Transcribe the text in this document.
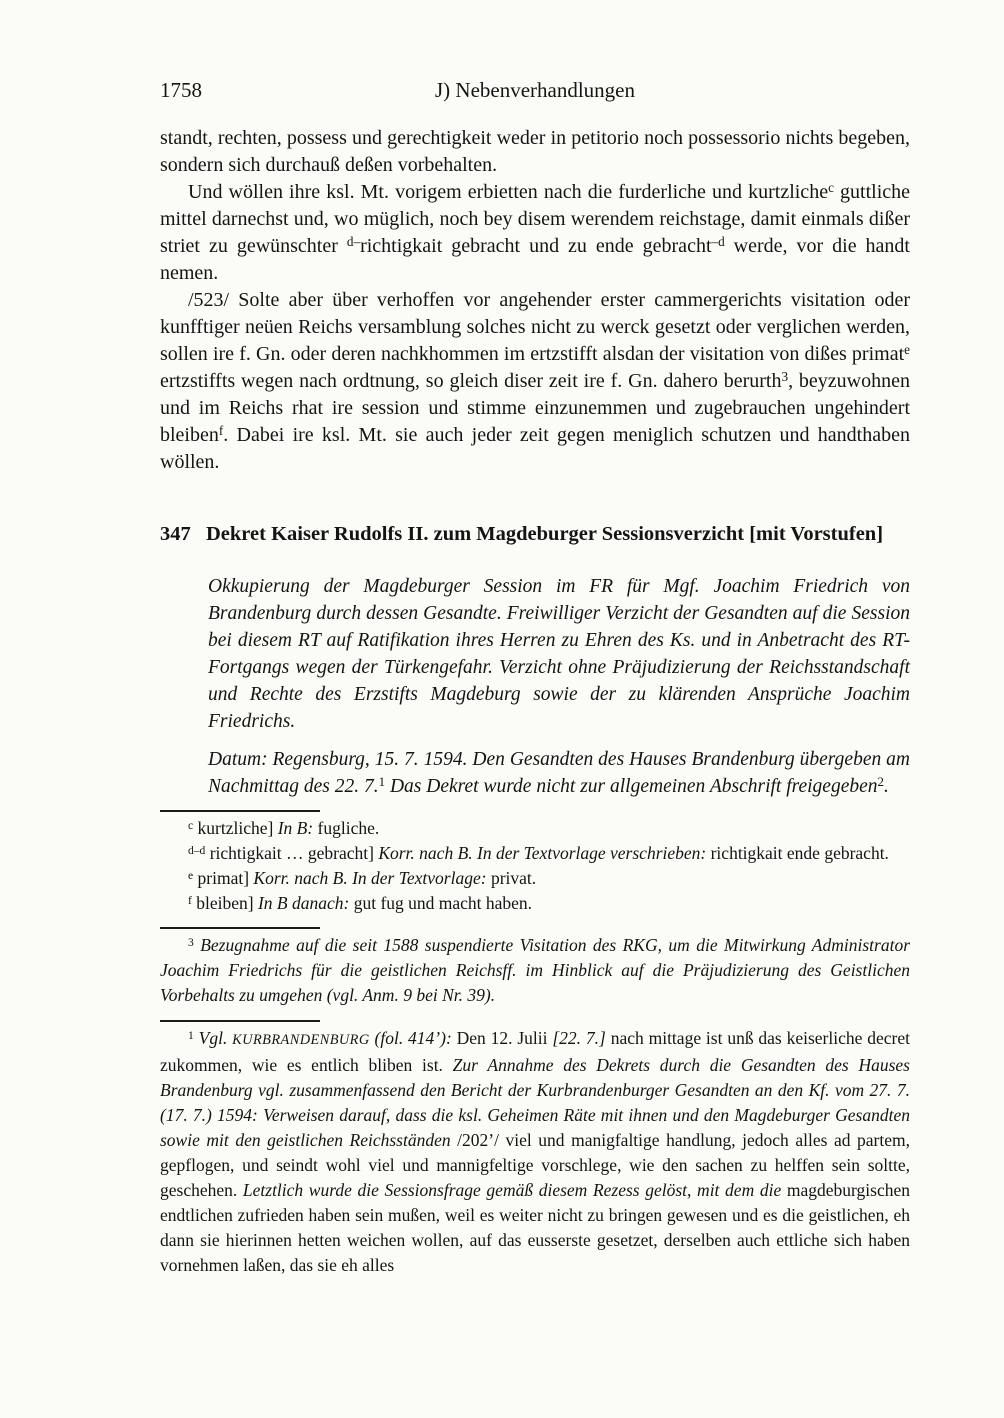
1758	J) Nebenverhandlungen

standt, rechten, possess und gerechtigkeit weder in petitorio noch possessorio nichts begeben, sondern sich durchauß deßen vorbehalten.

Und wöllen ihre ksl. Mt. vorigem erbietten nach die furderliche und kurtzliche$^c$ guttliche mittel darnechst und, wo müglich, noch bey disem werendem reichstage, damit einmals dißer striet zu gewünschter $^{d-}$richtigkait gebracht und zu ende gebracht$^{-d}$ werde, vor die handt nemen.

/523/ Solte aber über verhoffen vor angehender erster cammergerichts visitation oder kunfftiger neüen Reichs versamblung solches nicht zu werck gesetzt oder verglichen werden, sollen ire f. Gn. oder deren nachkhommen im ertzstifft alsdan der visitation von dißes primat$^e$ ertzstiffts wegen nach ordtnung, so gleich diser zeit ire f. Gn. dahero berurth$^3$, beyzuwohnen und im Reichs rhat ire session und stimme einzunemmen und zugebrauchen ungehindert bleiben$^f$. Dabei ire ksl. Mt. sie auch jeder zeit gegen meniglich schutzen und handthaben wöllen.

347 Dekret Kaiser Rudolfs II. zum Magdeburger Sessionsverzicht [mit Vorstufen]
Okkupierung der Magdeburger Session im FR für Mgf. Joachim Friedrich von Brandenburg durch dessen Gesandte. Freiwilliger Verzicht der Gesandten auf die Session bei diesem RT auf Ratifikation ihres Herren zu Ehren des Ks. und in Anbetracht des RT-Fortgangs wegen der Türkengefahr. Verzicht ohne Präjudizierung der Reichsstandschaft und Rechte des Erzstifts Magdeburg sowie der zu klärenden Ansprüche Joachim Friedrichs.
Datum: Regensburg, 15. 7. 1594. Den Gesandten des Hauses Brandenburg übergeben am Nachmittag des 22. 7.$^1$ Das Dekret wurde nicht zur allgemeinen Abschrift freigegeben$^2$.

$^c$ kurtzliche] In B: fugliche.

$^{d-d}$ richtigkait … gebracht] Korr. nach B. In der Textvorlage verschrieben: richtigkait ende gebracht.

$^e$ primat] Korr. nach B. In der Textvorlage: privat.

$^f$ bleiben] In B danach: gut fug und macht haben.

$^3$ Bezugnahme auf die seit 1588 suspendierte Visitation des RKG, um die Mitwirkung Administrator Joachim Friedrichs für die geistlichen Reichsff. im Hinblick auf die Präjudizierung des Geistlichen Vorbehalts zu umgehen (vgl. Anm. 9 bei Nr. 39).

$^1$ Vgl. KURBRANDENBURG (fol. 414’): Den 12. Julii [22. 7.] nach mittage ist unß das keiserliche decret zukommen, wie es entlich bliben ist. Zur Annahme des Dekrets durch die Gesandten des Hauses Brandenburg vgl. zusammenfassend den Bericht der Kurbrandenburger Gesandten an den Kf. vom 27. 7. (17. 7.) 1594: Verweisen darauf, dass die ksl. Geheimen Räte mit ihnen und den Magdeburger Gesandten sowie mit den geistlichen Reichsständen /202’/ viel und manigfaltige handlung, jedoch alles ad partem, gepflogen, und seindt wohl viel und mannigfeltige vorschlege, wie den sachen zu helffen sein soltte, geschehen. Letztlich wurde die Sessionsfrage gemäß diesem Rezess gelöst, mit dem die magdeburgischen endtlichen zufrieden haben sein mußen, weil es weiter nicht zu bringen gewesen und es die geistlichen, eh dann sie hierinnen hetten weichen wollen, auf das eusserste gesetzet, derselben auch ettliche sich haben vornehmen laßen, das sie eh alles
